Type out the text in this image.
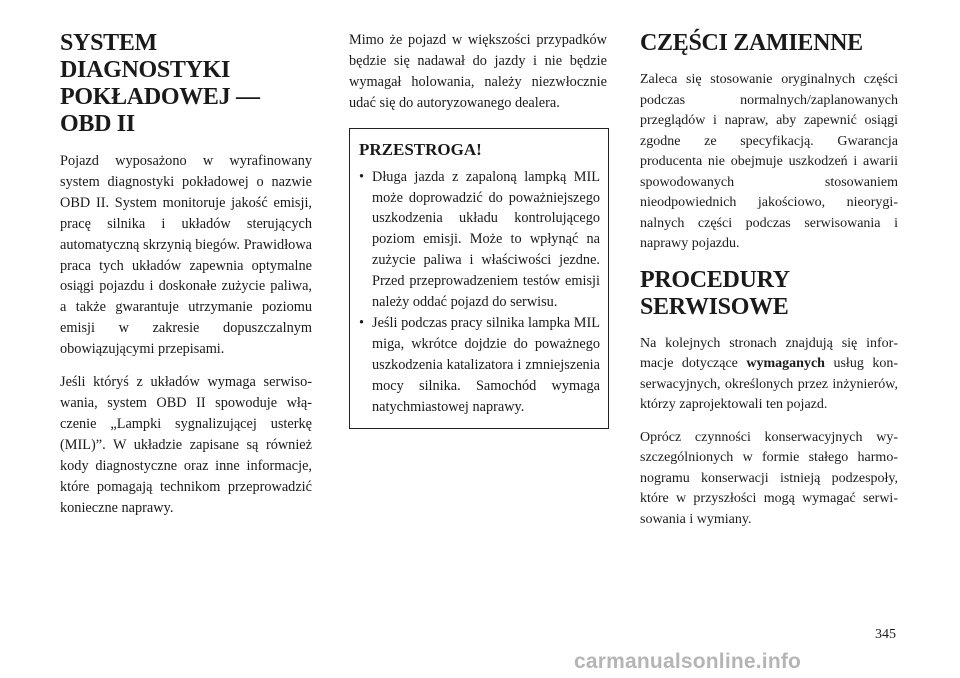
SYSTEM DIAGNOSTYKI
POKŁADOWEJ — OBD II

Pojazd wyposażono w wyrafinowany system diagnostyki pokładowej o nazwie OBD II. System monitoruje jakość emisji, pracę silnika i układów sterujących automatyczną skrzynią biegów. Prawidłowa praca tych układów zapewnia optymalne osiągi pojazdu i doskonałe zużycie paliwa, a także gwarantuje utrzymanie poziomu emisji w zakresie dopuszczalnym obowiązującymi przepisami.

Jeśli któryś z układów wymaga serwisowania, system OBD II spowoduje włączenie „Lampki sygnalizującej usterkę (MIL)”. W układzie zapisane są również kody diagnostyczne oraz inne informacje, które pomagają technikom przeprowadzić konieczne naprawy.

Mimo że pojazd w większości przypadków będzie się nadawał do jazdy i nie będzie wymagał holowania, należy niezwłocznie udać się do autoryzowanego dealera.

PRZESTROGA!
• Długa jazda z zapaloną lampką MIL może doprowadzić do poważniejszego uszkodzenia układu kontrolującego poziom emisji. Może to wpłynąć na zużycie paliwa i właściwości jezdne. Przed przeprowadzeniem testów emisji należy oddać pojazd do serwisu.
• Jeśli podczas pracy silnika lampka MIL miga, wkrótce dojdzie do poważnego uszkodzenia katalizatora i zmniejszenia mocy silnika. Samochód wymaga natychmiastowej naprawy.
CZĘŚCI ZAMIENNE

Zaleca się stosowanie oryginalnych części podczas normalnych/zaplanowanych przeglądów i napraw, aby zapewnić osiągi zgodne ze specyfikacją. Gwarancja producenta nie obejmuje uszkodzeń i awarii spowodowanych stosowaniem nieodpowiednich jakościowo, nieoryginalnych części podczas serwisowania i naprawy pojazdu.

PROCEDURY
SERWISOWE

Na kolejnych stronach znajdują się informacje dotyczące wymaganych usług konserwacyjnych, określonych przez inżynierów, którzy zaprojektowali ten pojazd.

Oprócz czynności konserwacyjnych wyszczególnionych w formie stałego harmonogramu konserwacji istnieją podzespoły, które w przyszłości mogą wymagać serwisowania i wymiany.

345
carmanualsonline.info
